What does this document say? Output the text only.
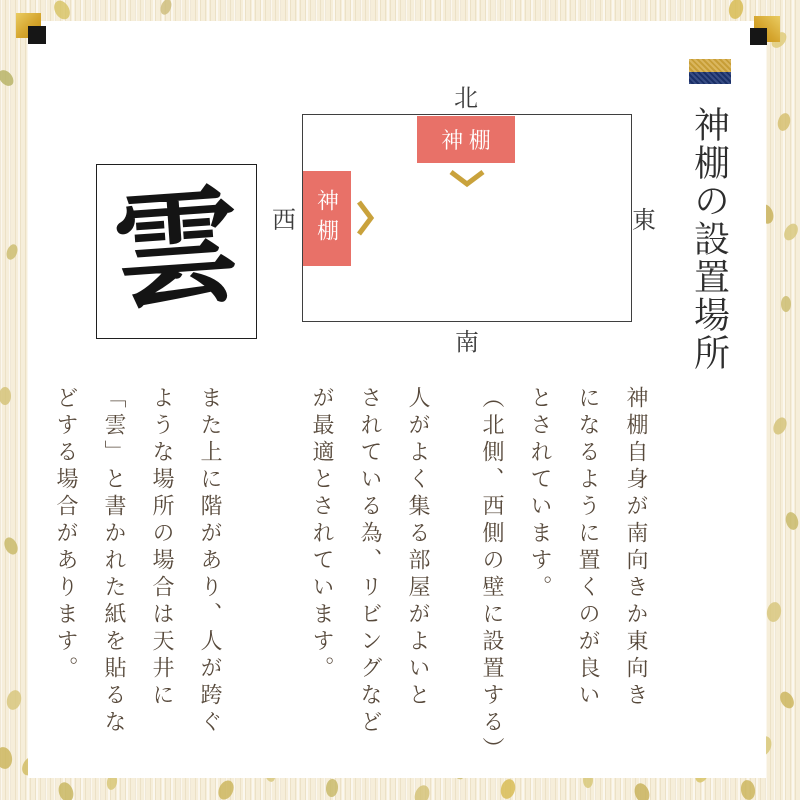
神棚の設置場所
北
南
西	東
神 棚
神棚
雲
神棚自身が南向きか東向き
になるように置くのが良い
とされています。
（北側、西側の壁に設置する）
人がよく集る部屋がよいと
されている為、リビングなど
が最適とされています。
また上に階があり、人が跨ぐ
ような場所の場合は天井に
「雲」と書かれた紙を貼るな
どする場合があります。
